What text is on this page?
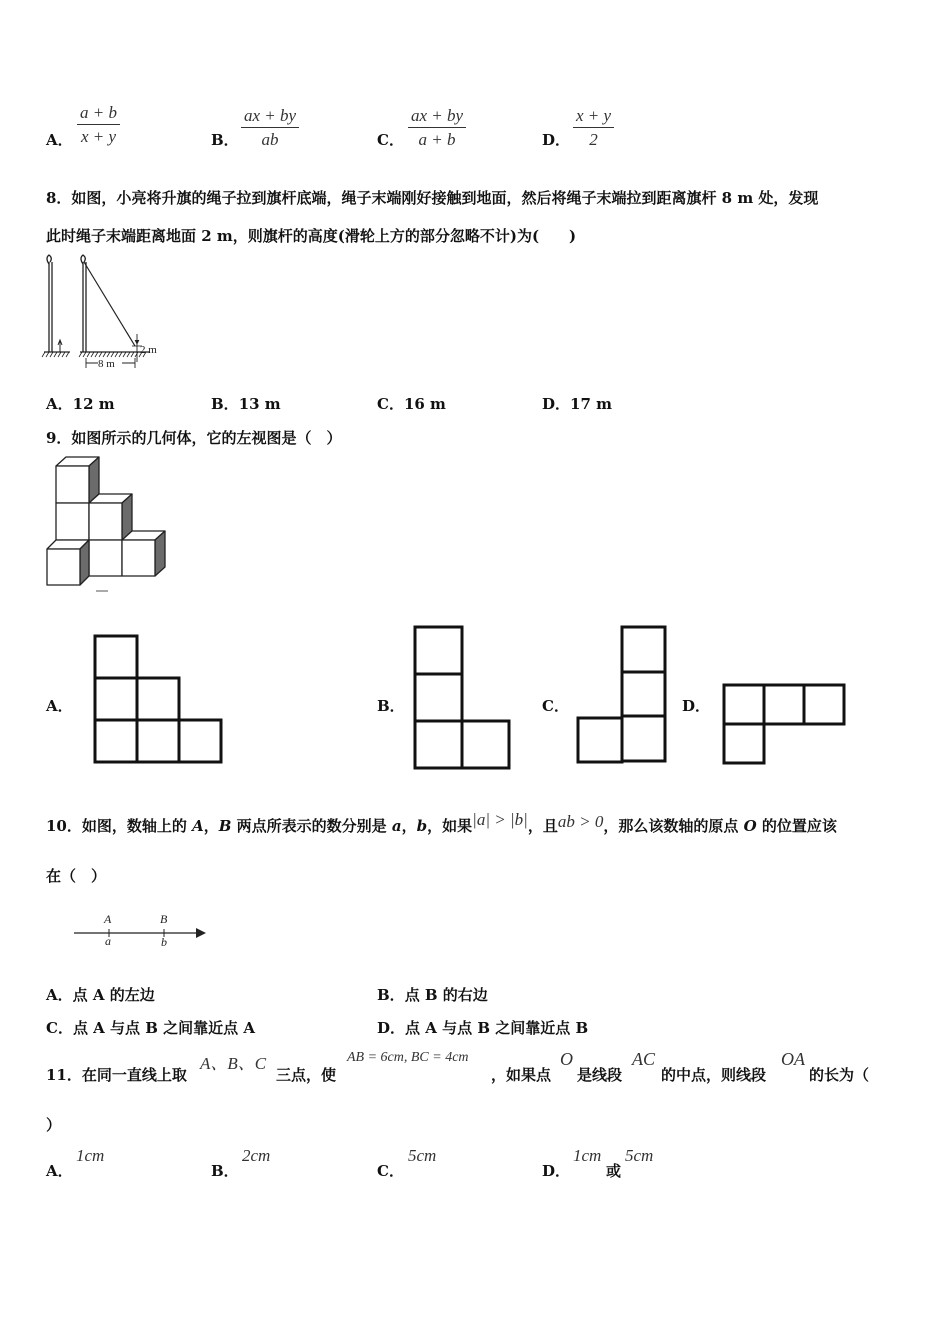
A． $\frac{a + b}{x + y}$	B． $\frac{ax + by}{ab}$	C． $\frac{ax + by}{a + b}$	D． $\frac{x + y}{2}$
8．如图，小亮将升旗的绳子拉到旗杆底端，绳子末端刚好接触到地面，然后将绳子末端拉到距离旗杆 8 m 处，发现
此时绳子末端距离地面 2 m，则旗杆的高度(滑轮上方的部分忽略不计)为(　　)
2 m
8 m
A．12 m	B．13 m	C．16 m	D．17 m
9．如图所示的几何体，它的左视图是（　）
A．	B．	C．	D．
10．如图，数轴上的 A，B 两点所表示的数分别是 a，b，如果|a| > |b|，且ab > 0，那么该数轴的原点 O 的位置应该
在（　）
A
a
B
b
A．点 A 的左边	B．点 B 的右边
C．点 A 与点 B 之间靠近点 A	D．点 A 与点 B 之间靠近点 B
11．在同一直线上取
A、B、C
三点，使
AB = 6cm, BC = 4cm
，如果点
O
是线段
AC
的中点，则线段
OA
的长为（
）
A．
1cm
B．
2cm
C．
5cm
D．
1cm
或
5cm
